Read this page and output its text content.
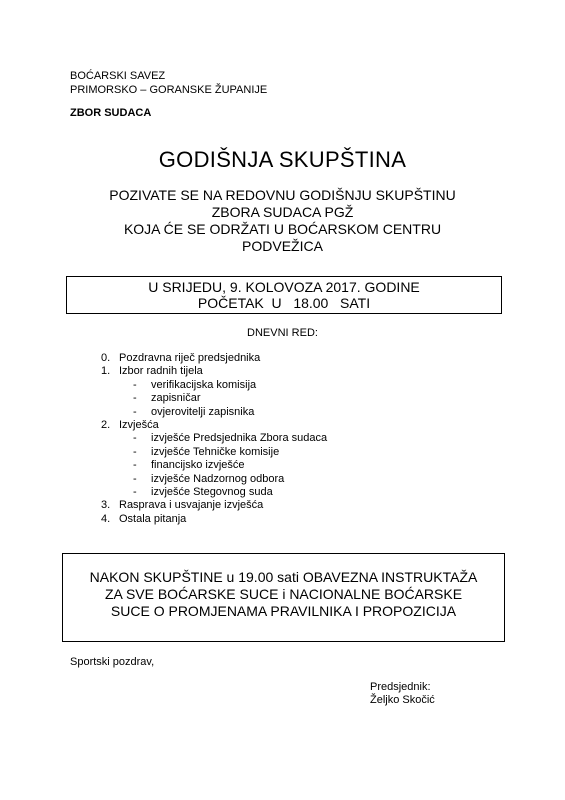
BOĆARSKI SAVEZ
PRIMORSKO – GORANSKE ŽUPANIJE
ZBOR SUDACA
GODIŠNJA SKUPŠTINA
POZIVATE SE NA REDOVNU GODIŠNJU SKUPŠTINU
ZBORA SUDACA PGŽ
KOJA ĆE SE ODRŽATI U BOĆARSKOM CENTRU
PODVEŽICA
U SRIJEDU, 9. KOLOVOZA 2017. GODINE
POČETAK  U   18.00   SATI
DNEVNI RED:
0. Pozdravna riječ predsjednika
1. Izbor radnih tijela
-	verifikacijska komisija
-	zapisničar
-	ovjerovitelji zapisnika
2. Izvješća
-	izvješće Predsjednika Zbora sudaca
-	izvješće Tehničke komisije
-	financijsko izvješće
-	izvješće Nadzornog odbora
-	izvješće Stegovnog suda
3. Rasprava i usvajanje izvješća
4. Ostala pitanja
NAKON SKUPŠTINE u 19.00 sati OBAVEZNA INSTRUKTAŽA
ZA SVE BOĆARSKE SUCE i NACIONALNE BOĆARSKE
SUCE O PROMJENAMA PRAVILNIKA I PROPOZICIJA
Sportski pozdrav,
Predsjednik:
Željko Skočić
